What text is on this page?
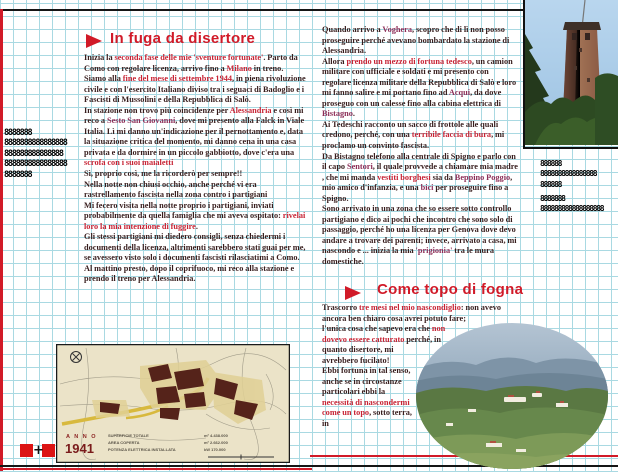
In fuga da disertore
8888888
8888888888888888
888888888888888
8888888888888888
8888888

Inizia la seconda fase delle mie 'sventure fortunate'. Parto da Como con regolare licenza, arrivo fino a Milano in treno.

Siamo alla fine del mese di settembre 1944, in piena rivoluzione civile e con l'esercito Italiano diviso tra i seguaci di Badoglio e i Fascisti di Mussolini e della Repubblica di Salò.

In stazione non trovo più coincidenze per Alessandria e così mi reco a Sesto San Giovanni, dove mi presento alla Falck in Viale Italia. Lì mi danno un'indicazione per il pernottamento e, data la situazione critica del momento, mi danno cena in una casa privata e da dormire in un piccolo gabbiotto, dove c'era una scrofa con i suoi maialetti

Sì, proprio così, me la ricorderò per sempre!!

Nella notte non chiusi occhio, anche perché vi era rastrellamento fascista nella zona contro i partigiani

Mi fecero visita nella notte proprio i partigiani, inviati probabilmente da quella famiglia che mi aveva ospitato: rivelai loro la mia intenzione di fuggire.

Gli stessi partigiani mi diedero consigli, senza chiedermi i documenti della licenza, altrimenti sarebbero stati guai per me, se avessero visto solo i documenti fascisti rilasciatimi a Como.

Al mattino presto, dopo il coprifuoco, mi reco alla stazione e prendo il treno per Alessandria.

Quando arrivo a Voghera, scopro che di lì non posso proseguire perché avevano bombardato la stazione di Alessandria.

Allora prendo un mezzo di fortuna tedesco, un camion militare con ufficiale e soldati e mi presento con regolare licenza militare della Repubblica di Salò e loro mi fanno salire e mi portano fino ad Acqui, da dove proseguo con un calesse fino alla cabina elettrica di Bistagno.

Ai Tedeschi racconto un sacco di frottole alle quali credono, perché, con una terribile faccia di bura, mi proclamo un convinto fascista.

Da Bistagno telefono alla centrale di Spigno e parlo con il capo Sentori, il quale provvede a chiamare mia madre , che mi manda vestiti borghesi sia da Beppino Poggio, mio amico d'infanzia, e una bici per proseguire fino a Spigno.

Sono arrivato in una zona che so essere sotto controllo partigiano e dico ai pochi che incontro che sono solo di passaggio, perché ho una licenza per Genova dove devo andare a trovare dei parenti; invece, arrivato a casa, mi nascondo e ... inizia la mia 'prigionia' tra le mura domestiche.

888888
8888888888888888
888888
8888888
888888888888888888
Come topo di fogna

Trascorro tre mesi nel mio nascondiglio: non avevo ancora ben chiaro cosa avrei potuto fare; l'unica cosa che sapevo era che non dovevo essere catturato perché, in quanto disertore, mi avrebbero fucilato!

Ebbi fortuna in tal senso, anche se in circostanze particolari ebbi la necessità di nascondermi come un topo, sotto terra, in

A N N O
1941
SUPERFICIE TOTALE
AREA COPERTA
POTENZA ELETTRICA INSTALLATA
m² 4.438.000
m² 2.662.000
kW 170.000
+
